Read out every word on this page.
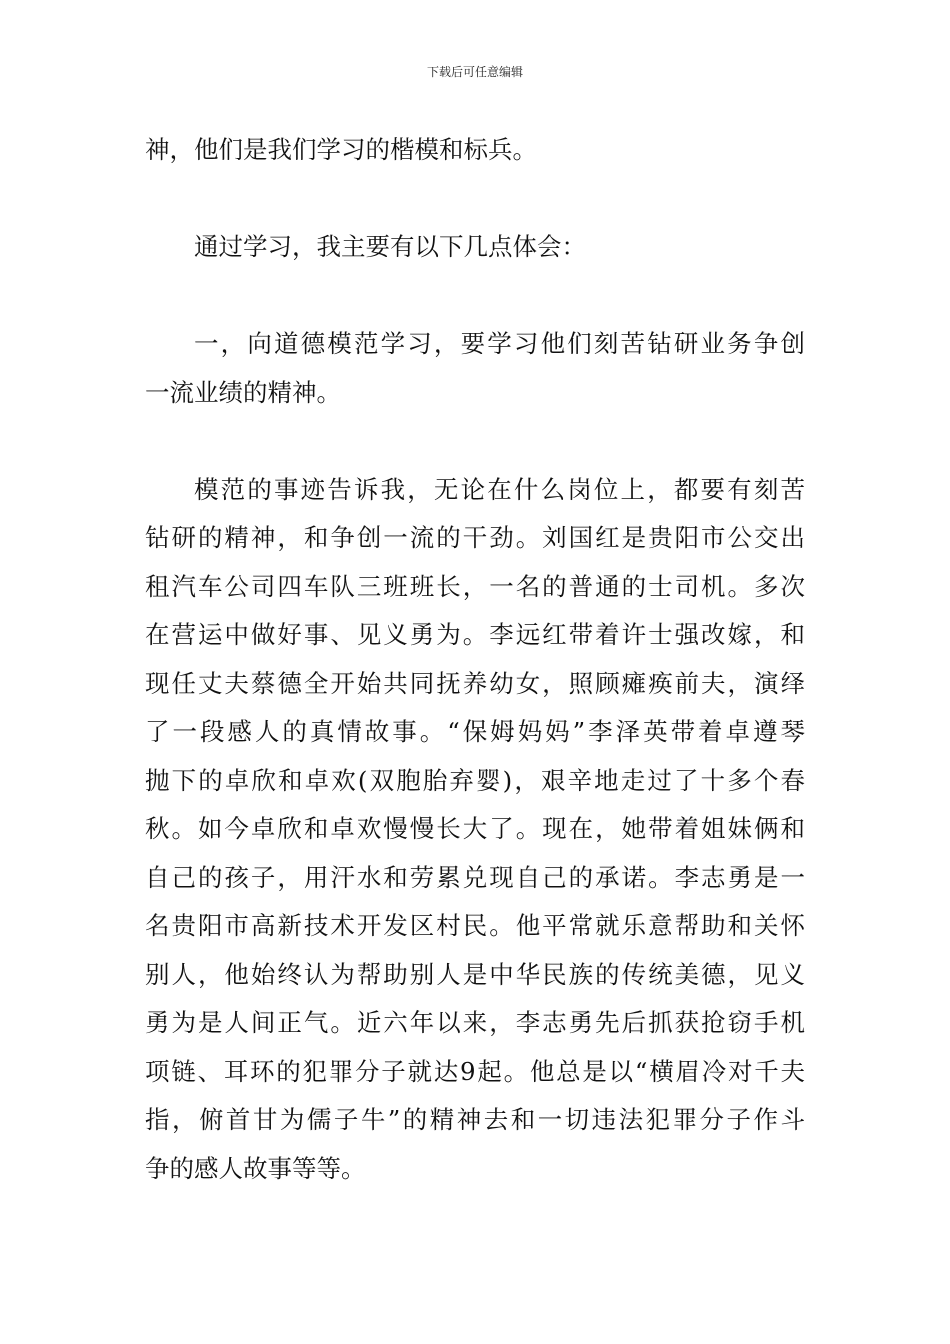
下载后可任意编辑
神，他们是我们学习的楷模和标兵。
通过学习，我主要有以下几点体会：
一，向道德模范学习，要学习他们刻苦钻研业务争创
一流业绩的精神。
模范的事迹告诉我，无论在什么岗位上，都要有刻苦
钻研的精神，和争创一流的干劲。刘国红是贵阳市公交出
租汽车公司四车队三班班长，一名的普通的士司机。多次
在营运中做好事、见义勇为。李远红带着许士强改嫁，和
现任丈夫蔡德全开始共同抚养幼女，照顾瘫痪前夫，演绎
了一段感人的真情故事。“保姆妈妈”李泽英带着卓遵琴
抛下的卓欣和卓欢(双胞胎弃婴)，艰辛地走过了十多个春
秋。如今卓欣和卓欢慢慢长大了。现在，她带着姐妹俩和
自己的孩子，用汗水和劳累兑现自己的承诺。李志勇是一
名贵阳市高新技术开发区村民。他平常就乐意帮助和关怀
别人，他始终认为帮助别人是中华民族的传统美德，见义
勇为是人间正气。近六年以来，李志勇先后抓获抢窃手机
项链、耳环的犯罪分子就达9起。他总是以“横眉冷对千夫
指，俯首甘为儒子牛”的精神去和一切违法犯罪分子作斗
争的感人故事等等。
